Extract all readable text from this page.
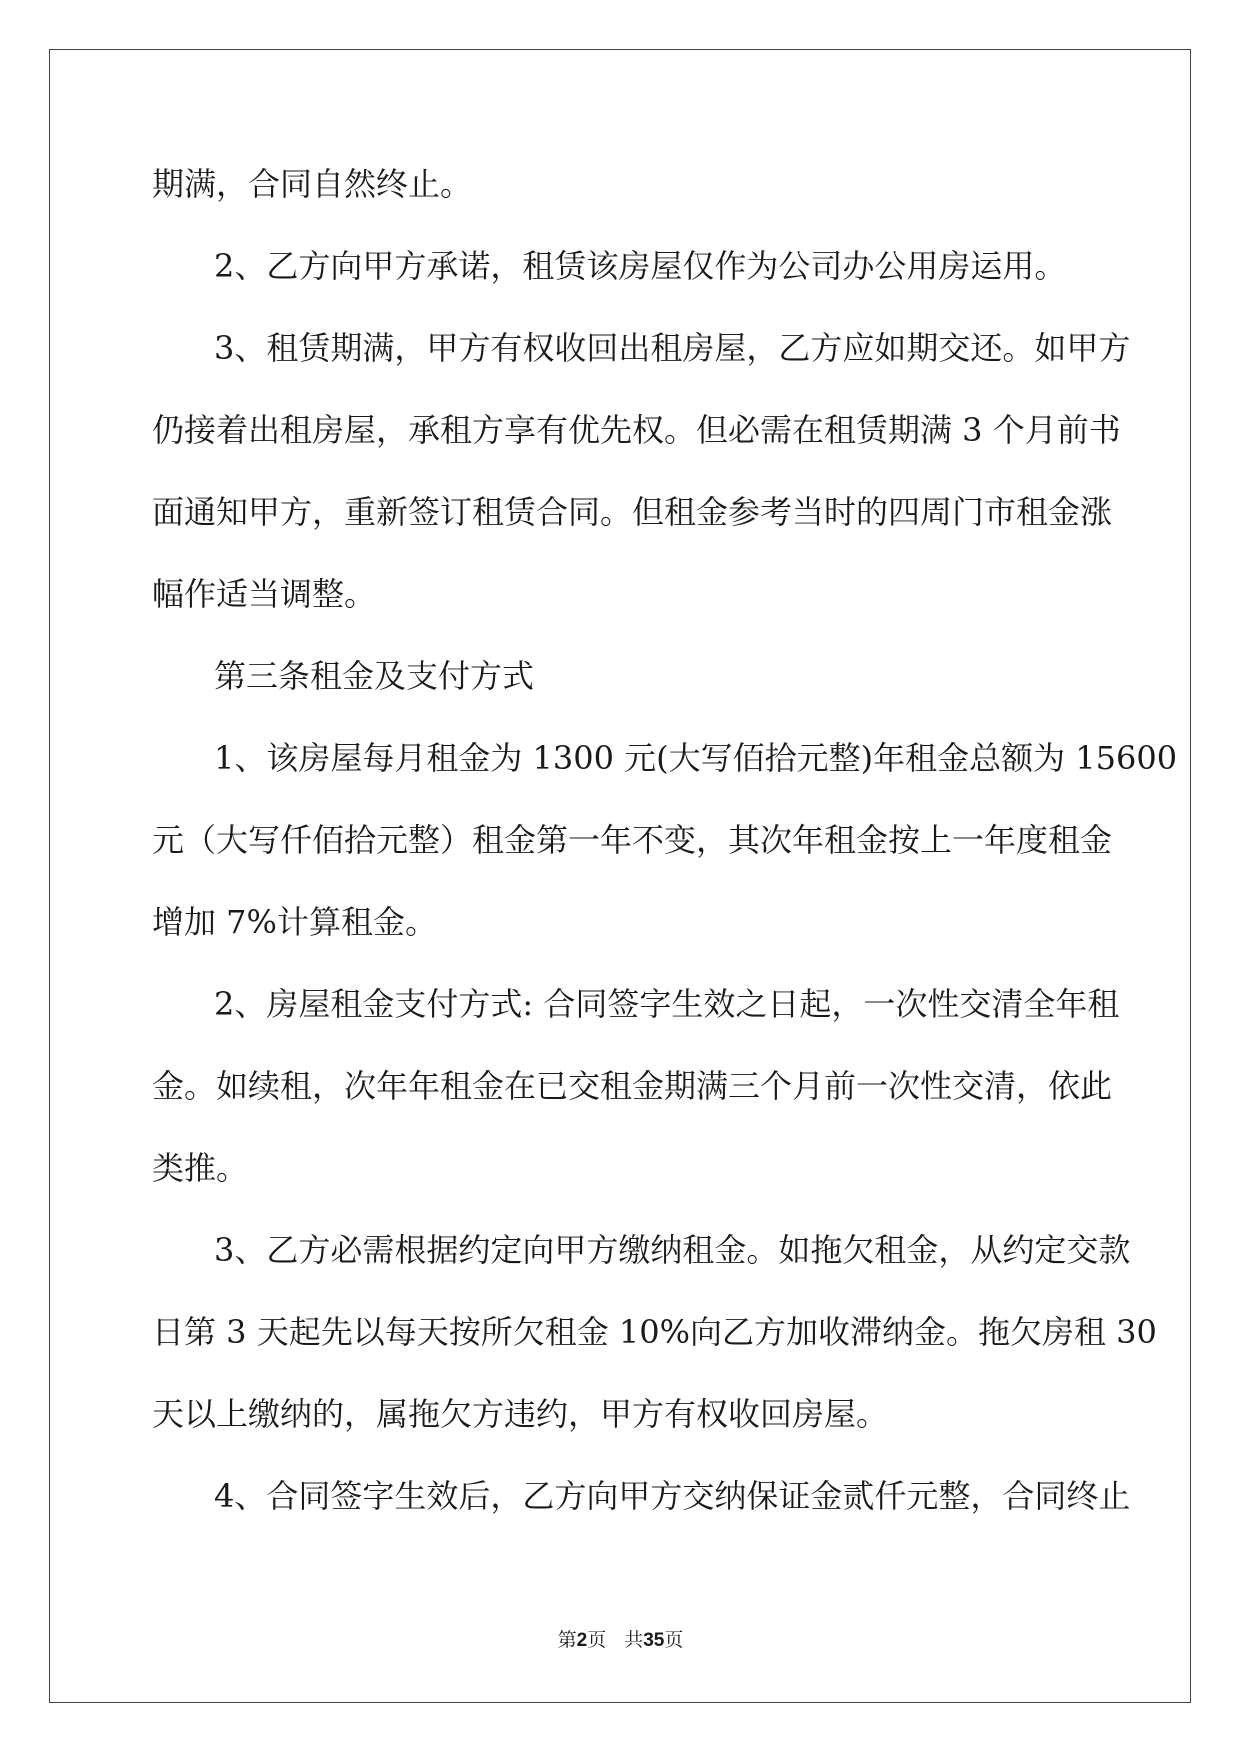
期满，合同自然终止。
2、乙方向甲方承诺，租赁该房屋仅作为公司办公用房运用。
3、租赁期满，甲方有权收回出租房屋，乙方应如期交还。如甲方
仍接着出租房屋，承租方享有优先权。但必需在租赁期满 3 个月前书
面通知甲方，重新签订租赁合同。但租金参考当时的四周门市租金涨
幅作适当调整。
第三条租金及支付方式
1、该房屋每月租金为 1300 元(大写佰拾元整)年租金总额为 15600
元（大写仟佰拾元整）租金第一年不变，其次年租金按上一年度租金
增加 7%计算租金。
2、房屋租金支付方式: 合同签字生效之日起，一次性交清全年租
金。如续租，次年年租金在已交租金期满三个月前一次性交清，依此
类推。
3、乙方必需根据约定向甲方缴纳租金。如拖欠租金，从约定交款
日第 3 天起先以每天按所欠租金 10%向乙方加收滞纳金。拖欠房租 30
天以上缴纳的，属拖欠方违约，甲方有权收回房屋。
4、合同签字生效后，乙方向甲方交纳保证金贰仟元整，合同终止
第2页 共35页
